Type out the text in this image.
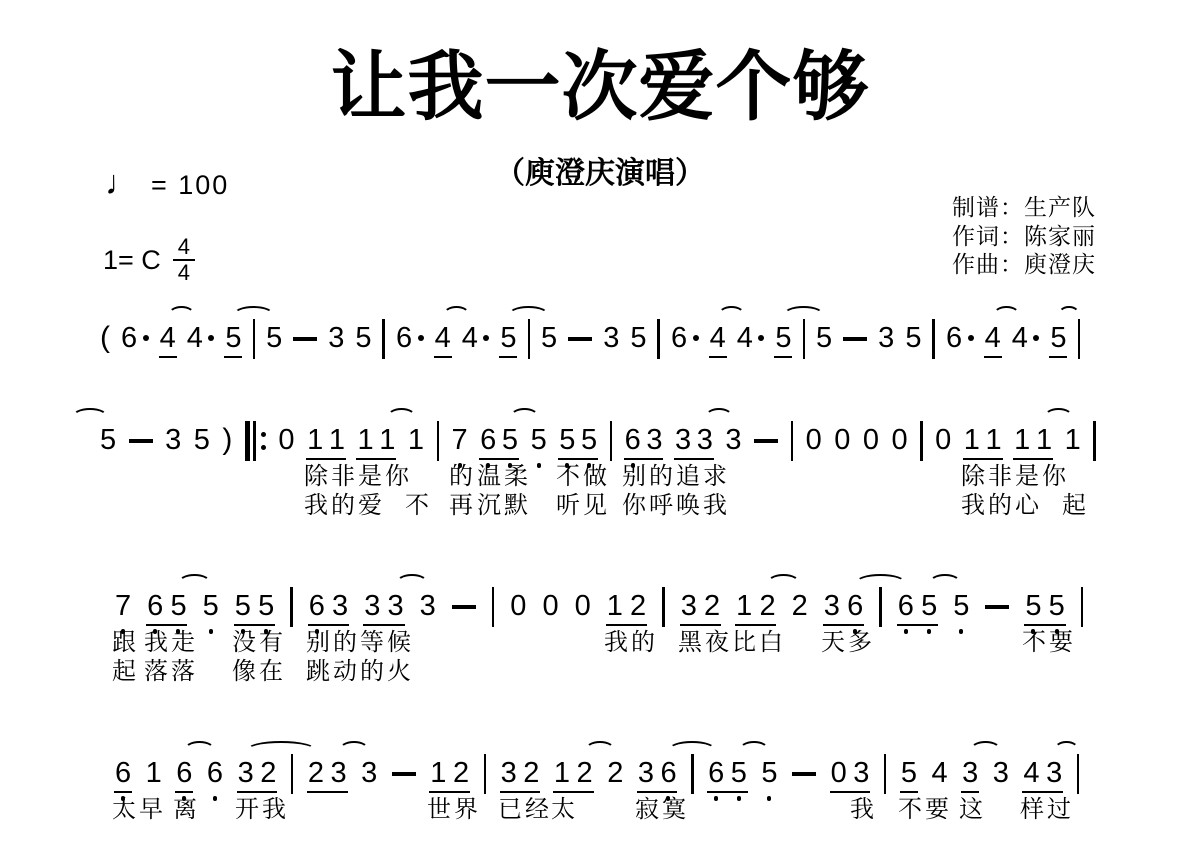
让我一次爱个够
（庾澄庆演唱）
♩ = 100
1= C $\frac{4}{4}$
制谱：生产队
作词：陈家丽
作曲：庾澄庆
( 6 4 4 5 5 3 5 6 4 4 5 5 3 5 6 4 4 5 5 3 5 6 4 4 5
5 3 5 ) 0 1 1 1 1 1 7 6 5 5 5 5 6 3 3 3 3 0 0 0 0 0 1 1 1 1 1
除非是你 的 温柔 不做 别的追求	除非是你
我的爱 不 再 沉默 听见 你呼唤我	我的心 起
7 6 5 5 5 5 6 3 3 3 3	0 0 0 1 2 3 2 1 2 2 3 6 6 5 5 5 5
跟 我走 没有 别的等候	我的 黑夜比白 天多	不要
起 落落 像在 跳动的火
6 1 6 6 3 2 2 3 3 1 2 3 2 1 2 2 3 6 6 5 5 0 3 5 4 3 3 4 3
太早 离 开我	世界 已经 太 寂寞	我 不要 这 样过
